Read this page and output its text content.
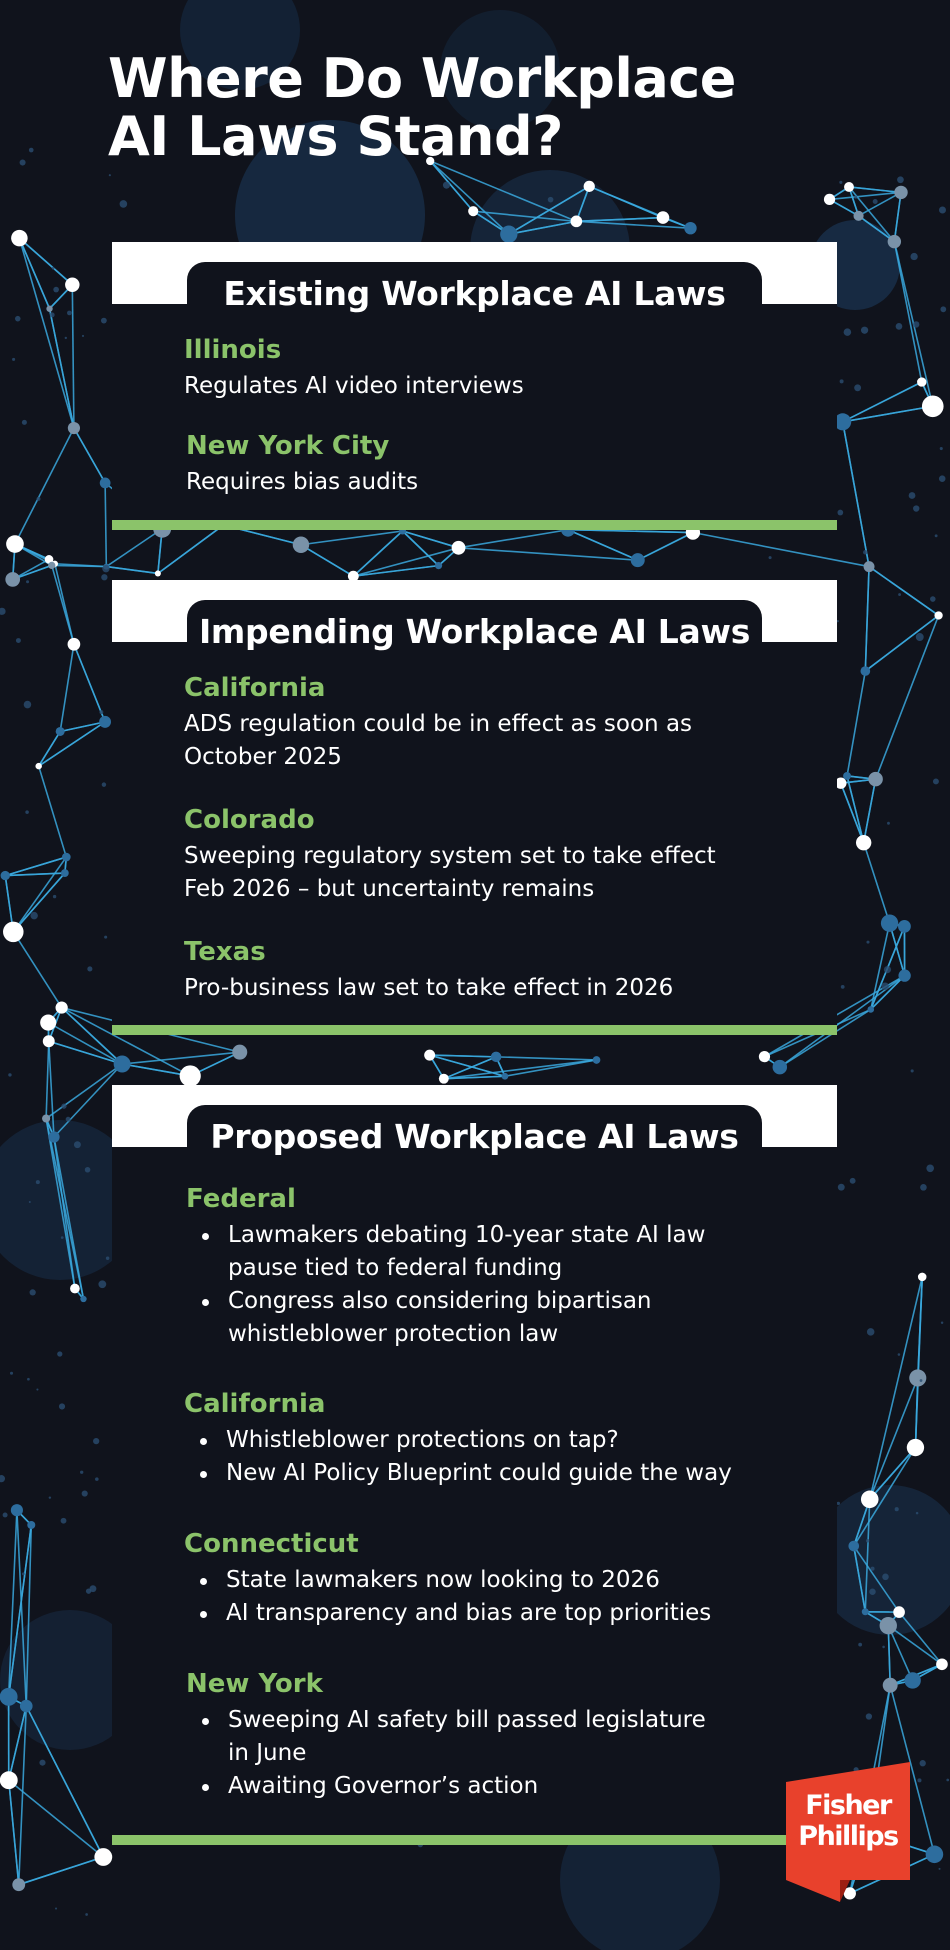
Where Do Workplace
AI Laws Stand?
Existing Workplace AI Laws
Illinois
Regulates AI video interviews
New York City
Requires bias audits
Impending Workplace AI Laws
California
ADS regulation could be in effect as soon as
October 2025
Colorado
Sweeping regulatory system set to take effect
Feb 2026 – but uncertainty remains
Texas
Pro-business law set to take effect in 2026
Proposed Workplace AI Laws
Federal
Lawmakers debating 10-year state AI law
pause tied to federal funding
Congress also considering bipartisan
whistleblower protection law
California
Whistleblower protections on tap?
New AI Policy Blueprint could guide the way
Connecticut
State lawmakers now looking to 2026
AI transparency and bias are top priorities
New York
Sweeping AI safety bill passed legislature
in June
Awaiting Governor’s action
Fisher
Phillips
